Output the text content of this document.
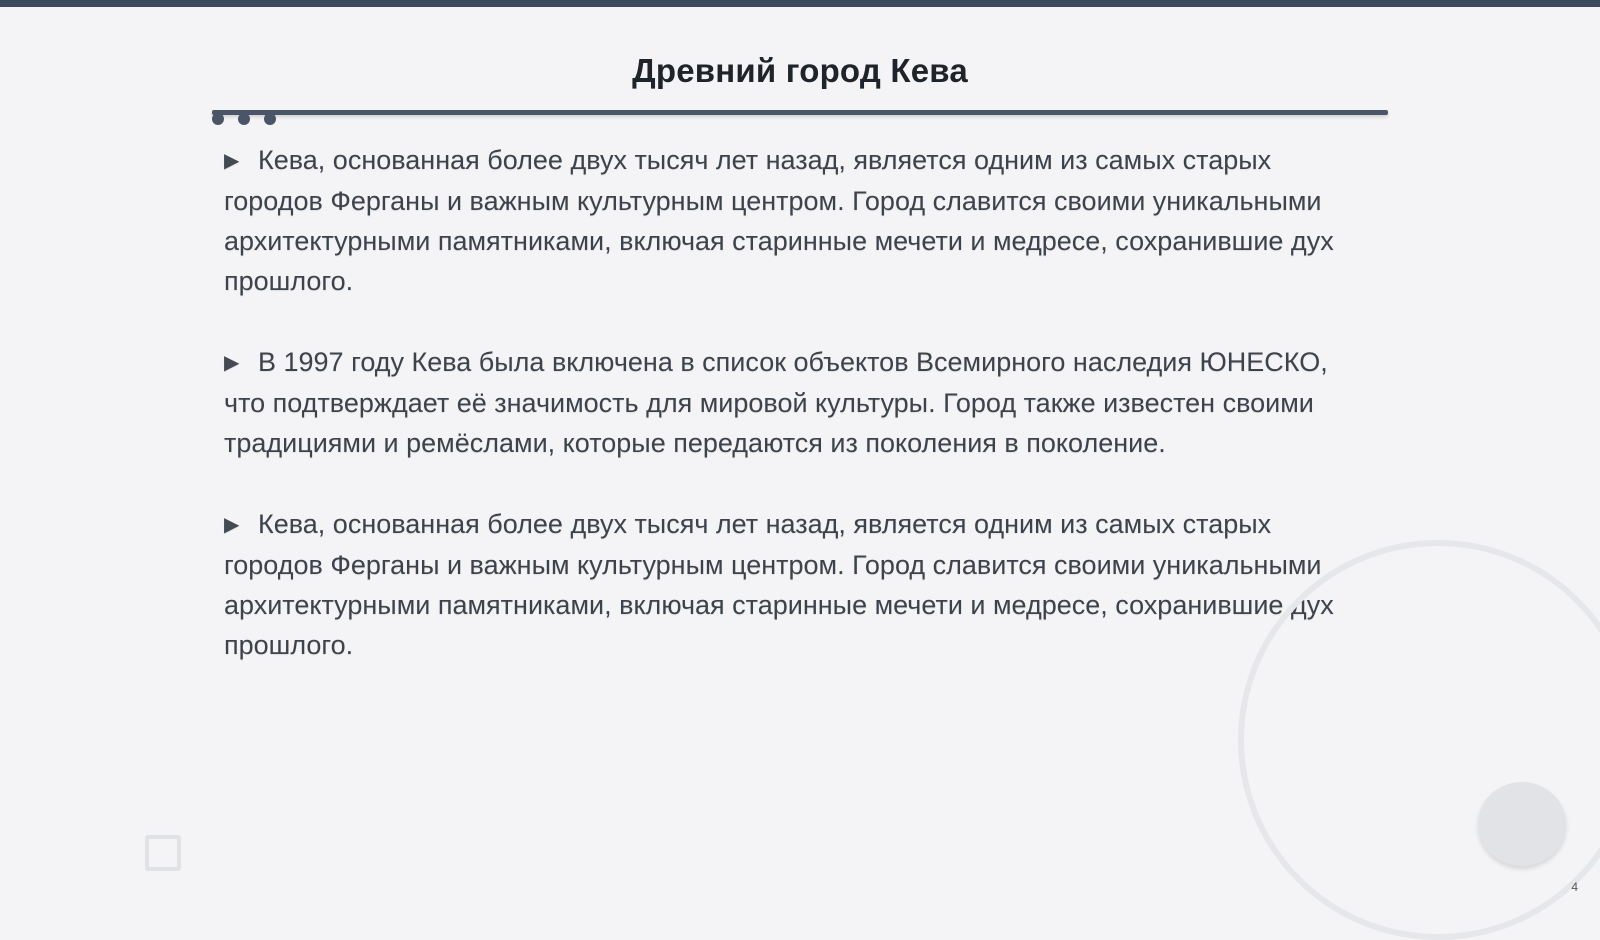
Древний город Кева
▶ Кева, основанная более двух тысяч лет назад, является одним из самых старых городов Ферганы и важным культурным центром. Город славится своими уникальными архитектурными памятниками, включая старинные мечети и медресе, сохранившие дух прошлого.
▶ В 1997 году Кева была включена в список объектов Всемирного наследия ЮНЕСКО, что подтверждает её значимость для мировой культуры. Город также известен своими традициями и ремёслами, которые передаются из поколения в поколение.
▶ Кева, основанная более двух тысяч лет назад, является одним из самых старых городов Ферганы и важным культурным центром. Город славится своими уникальными архитектурными памятниками, включая старинные мечети и медресе, сохранившие дух прошлого.
4
